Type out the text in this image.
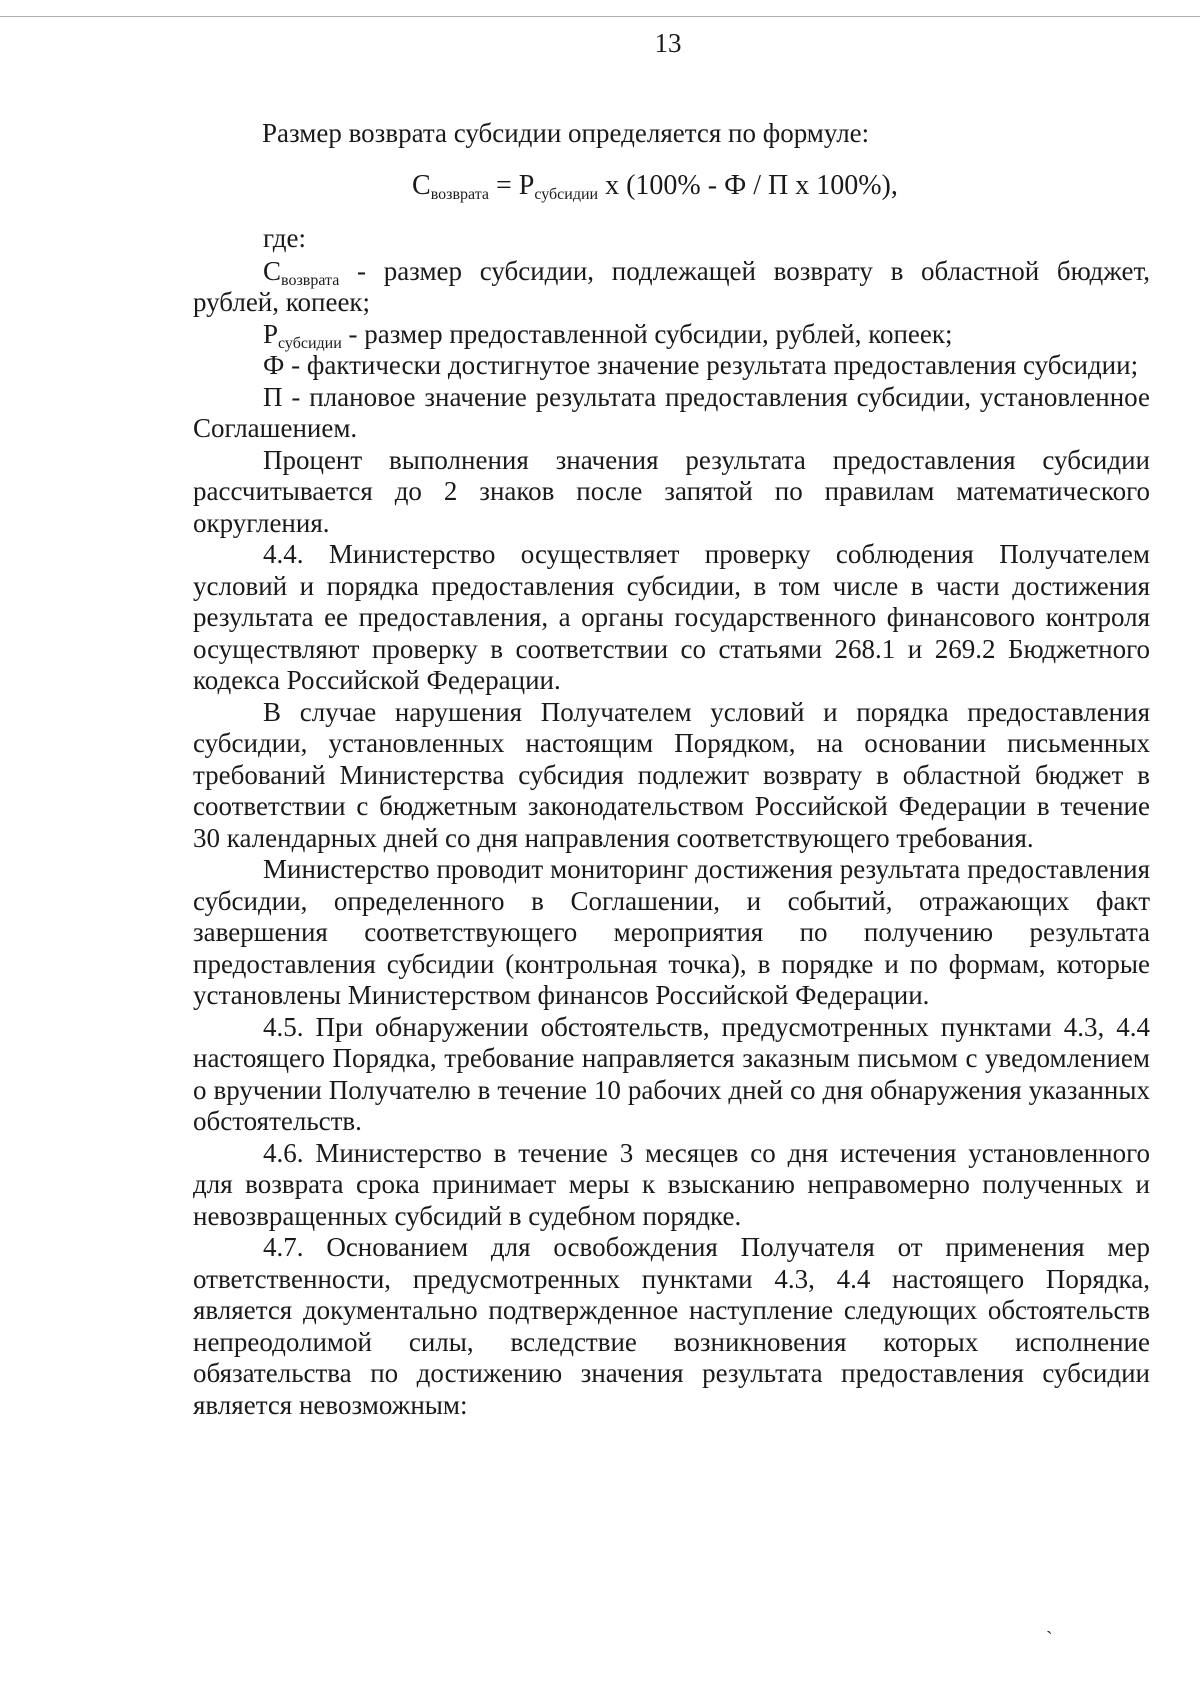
13
Размер возврата субсидии определяется по формуле:
$С_{возврата} = Р_{субсидии}$ х (100% - Ф / П х 100%),

где:

$С_{возврата}$ - размер субсидии, подлежащей возврату в областной бюджет, рублей, копеек;

$Р_{субсидии}$ - размер предоставленной субсидии, рублей, копеек;

Ф - фактически достигнутое значение результата предоставления субсидии;

П - плановое значение результата предоставления субсидии, установленное Соглашением.

Процент выполнения значения результата предоставления субсидии рассчитывается до 2 знаков после запятой по правилам математического округления.

4.4. Министерство осуществляет проверку соблюдения Получателем условий и порядка предоставления субсидии, в том числе в части достижения результата ее предоставления, а органы государственного финансового контроля осуществляют проверку в соответствии со статьями 268.1 и 269.2 Бюджетного кодекса Российской Федерации.

В случае нарушения Получателем условий и порядка предоставления субсидии, установленных настоящим Порядком, на основании письменных требований Министерства субсидия подлежит возврату в областной бюджет в соответствии с бюджетным законодательством Российской Федерации в течение 30 календарных дней со дня направления соответствующего требования.

Министерство проводит мониторинг достижения результата предоставления субсидии, определенного в Соглашении, и событий, отражающих факт завершения соответствующего мероприятия по получению результата предоставления субсидии (контрольная точка), в порядке и по формам, которые установлены Министерством финансов Российской Федерации.

4.5. При обнаружении обстоятельств, предусмотренных пунктами 4.3, 4.4 настоящего Порядка, требование направляется заказным письмом с уведомлением о вручении Получателю в течение 10 рабочих дней со дня обнаружения указанных обстоятельств.

4.6. Министерство в течение 3 месяцев со дня истечения установленного для возврата срока принимает меры к взысканию неправомерно полученных и невозвращенных субсидий в судебном порядке.

4.7. Основанием для освобождения Получателя от применения мер ответственности, предусмотренных пунктами 4.3, 4.4 настоящего Порядка, является документально подтвержденное наступление следующих обстоятельств непреодолимой силы, вследствие возникновения которых исполнение обязательства по достижению значения результата предоставления субсидии является невозможным:

˴
